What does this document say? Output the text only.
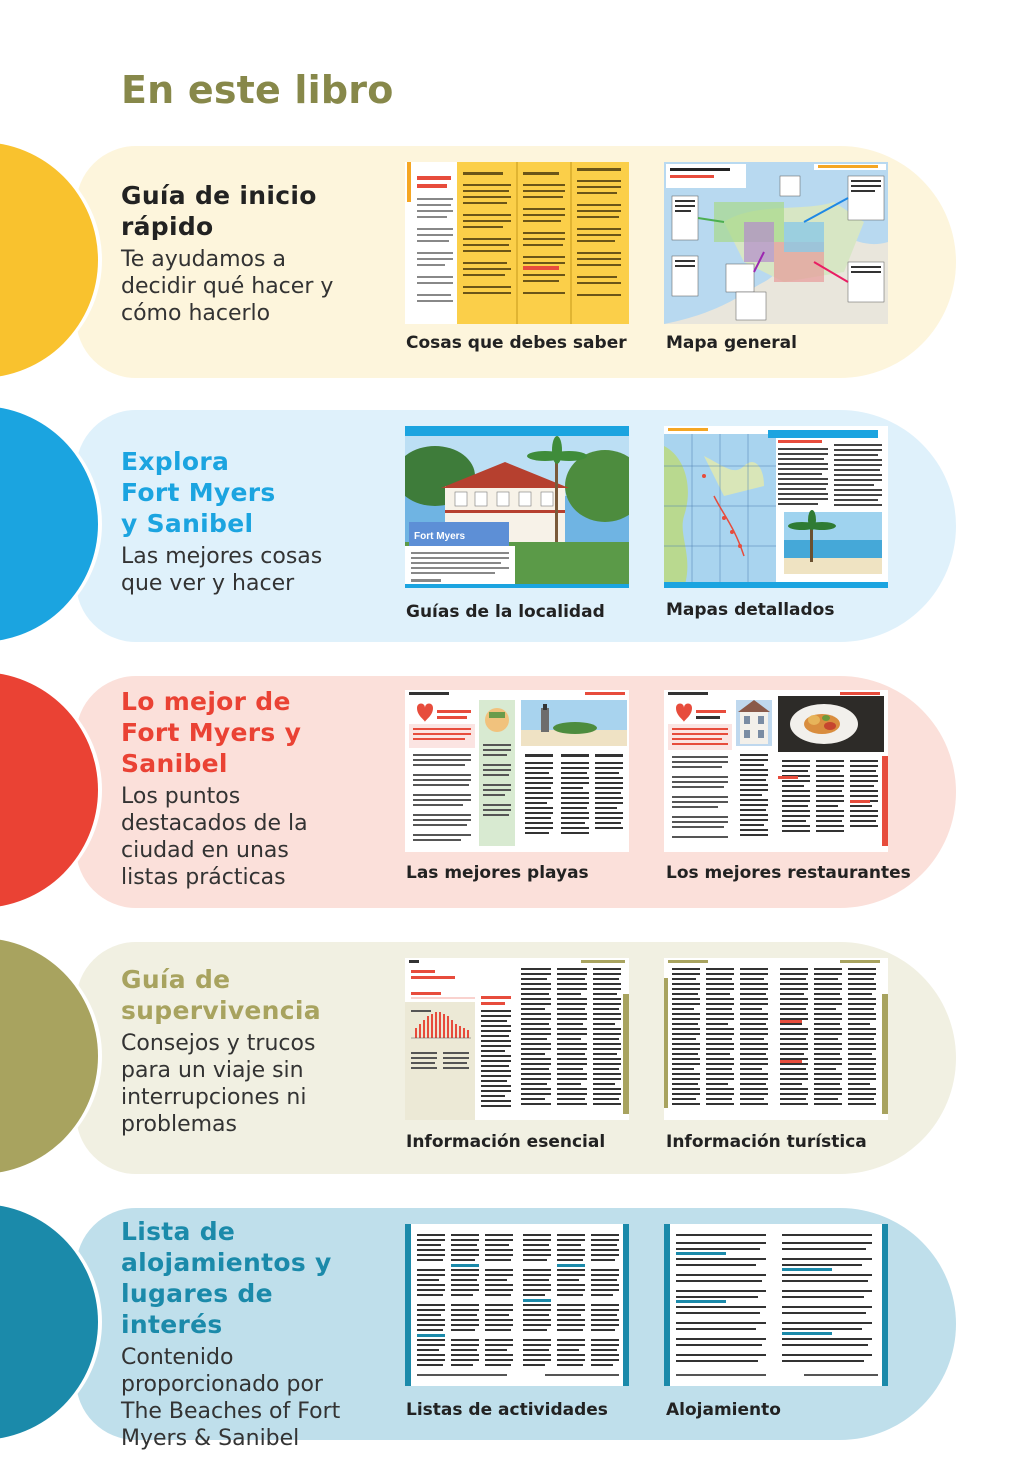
En este libro
Guía de inicio rápido

Te ayudamos a decidir qué hacer y cómo hacerlo

Cosas que debes saber Mapa general
Explora Fort Myers y Sanibel

Las mejores cosas que ver y hacer

Fort Myers
Guías de la localidad	Mapas detallados
Lo mejor de Fort Myers y Sanibel

Los puntos destacados de la ciudad en unas listas prácticas	Las mejores playas	Los mejores restaurantes
Guía de supervivencia

Consejos y trucos para un viaje sin interrupciones ni problemas

Información esencial	Información turística
Lista de alojamientos y lugares de interés

Contenido proporcionado por The Beaches of Fort Myers & Sanibel

Listas de actividades	Alojamiento
